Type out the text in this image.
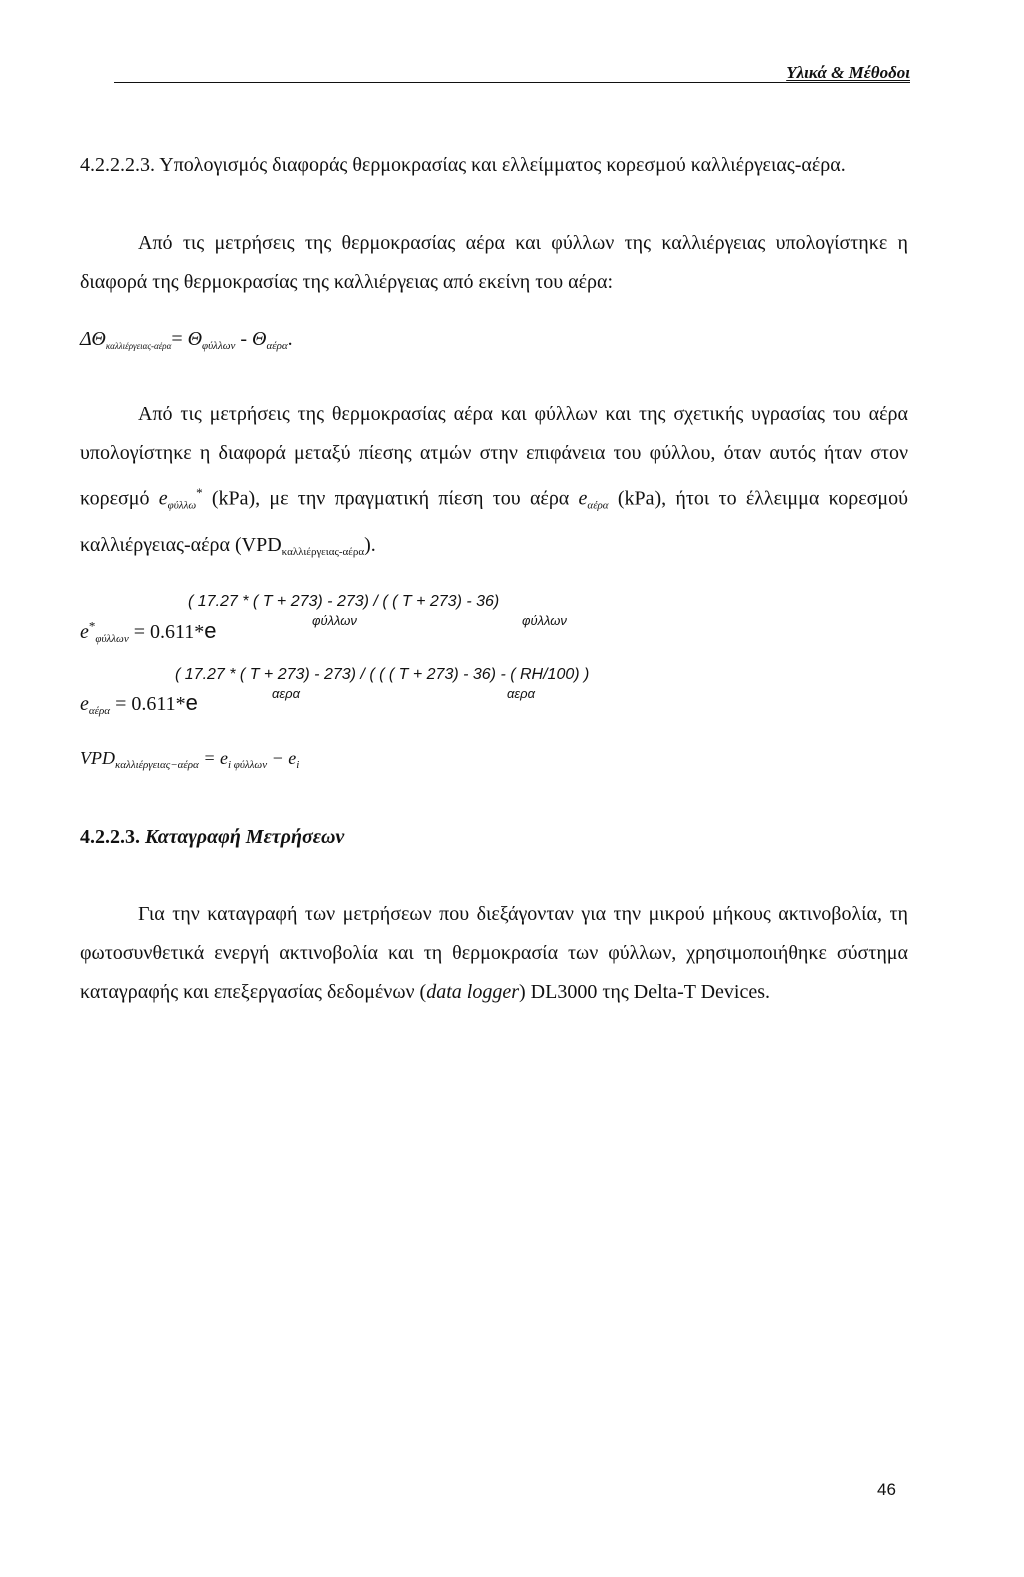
Υλικά & Μέθοδοι
4.2.2.2.3. Υπολογισμός διαφοράς θερμοκρασίας και ελλείμματος κορεσμού καλλιέργειας-αέρα.

Από τις μετρήσεις της θερμοκρασίας αέρα και φύλλων της καλλιέργειας υπολογίστηκε η διαφορά της θερμοκρασίας της καλλιέργειας από εκείνη του αέρα:

$\Delta\Theta_{\kappa\alpha\lambda\lambda\iota έ\rho\gamma\varepsilon\iota\alpha\varsigma-\alpha έ\rho\alpha}= \Theta_{\varphi ύ\lambda\lambda\omega\nu} - \Theta_{\alpha έ\rho\alpha}$.

Από τις μετρήσεις της θερμοκρασίας αέρα και φύλλων και της σχετικής υγρασίας του αέρα υπολογίστηκε η διαφορά μεταξύ πίεσης ατμών στην επιφάνεια του φύλλου, όταν αυτός ήταν στον κορεσμό $e_{\varphi ύ\lambda\lambda\omega}^*$ (kPa), με την πραγματική πίεση του αέρα $e_{\alpha έ\rho\alpha}$ (kPa), ήτοι το έλλειμμα κορεσμού καλλιέργειας-αέρα $(VPD_{\kappa\alpha\lambda\lambda\iota έ\rho\gamma\varepsilon\iota\alpha\varsigma-\alpha έ\rho\alpha})$.

( 17.27 * ( T + 273) - 273) / ( ( T + 273) - 36)
φύλλων	φύλλων
$e^*_{\varphi ύ\lambda\lambda\omega\nu} = 0.611*e$
( 17.27 * ( T + 273) - 273) / ( ( ( T + 273) - 36) - ( RH/100) )
αερα	αερα
$e_{\alpha έ\rho\alpha} = 0.611*e$
$VPD_{\kappa\alpha\lambda\lambda\iota έ\rho\gamma\varepsilon\iota\alpha\varsigma-\alpha έ\rho\alpha} = e_{i \varphi ύ\lambda\lambda\omega\nu} - e_i$
4.2.2.3. Καταγραφή Μετρήσεων

Για την καταγραφή των μετρήσεων που διεξάγονταν για την μικρού μήκους ακτινοβολία, τη φωτοσυνθετικά ενεργή ακτινοβολία και τη θερμοκρασία των φύλλων, χρησιμοποιήθηκε σύστημα καταγραφής και επεξεργασίας δεδομένων (data logger) DL3000 της Delta-T Devices.

46
